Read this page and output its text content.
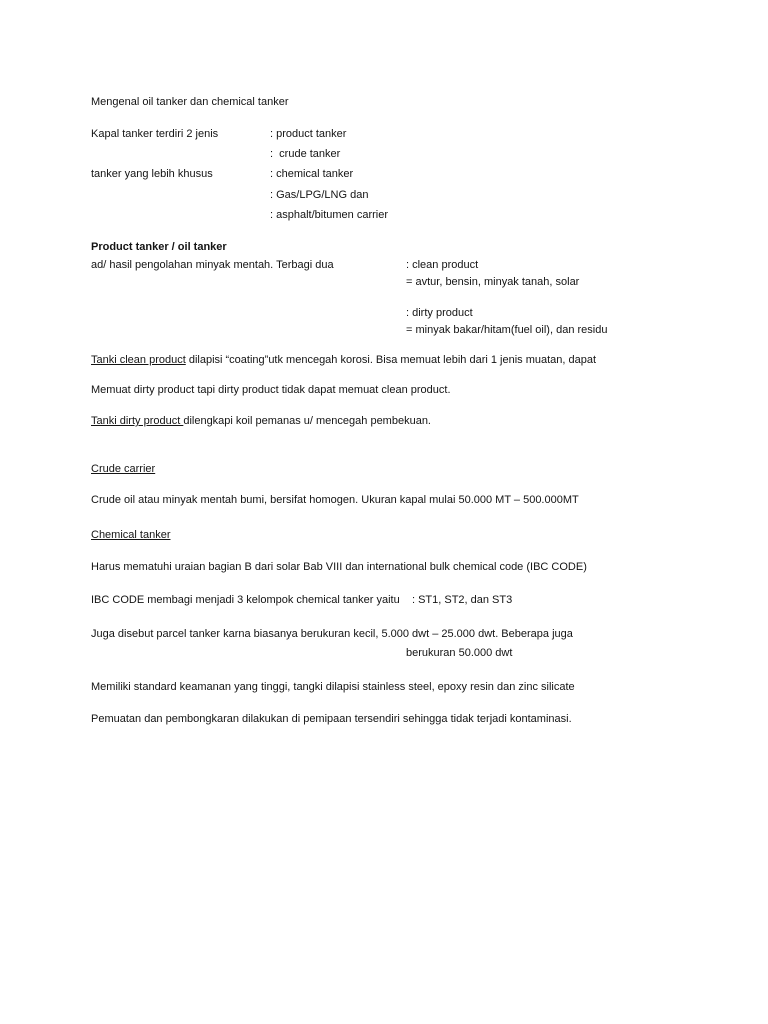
Mengenal oil tanker dan chemical tanker
Kapal tanker terdiri 2 jenis	: product tanker
:  crude tanker
tanker yang lebih khusus	: chemical tanker
: Gas/LPG/LNG dan
: asphalt/bitumen carrier
Product tanker / oil tanker
ad/ hasil pengolahan minyak mentah. Terbagi dua	: clean product
= avtur, bensin, minyak tanah, solar
: dirty product
= minyak bakar/hitam(fuel oil), dan residu
Tanki clean product dilapisi “coating”utk mencegah korosi. Bisa memuat lebih dari 1 jenis muatan, dapat
Memuat dirty product tapi dirty product tidak dapat memuat clean product.
Tanki dirty product dilengkapi koil pemanas u/ mencegah pembekuan.
Crude carrier
Crude oil atau minyak mentah bumi, bersifat homogen. Ukuran kapal mulai 50.000 MT – 500.000MT
Chemical tanker
Harus mematuhi uraian bagian B dari solar Bab VIII dan international bulk chemical code (IBC CODE)
IBC CODE membagi menjadi 3 kelompok chemical tanker yaitu    : ST1, ST2, dan ST3
Juga disebut parcel tanker karna biasanya berukuran kecil, 5.000 dwt – 25.000 dwt. Beberapa juga
berukuran 50.000 dwt
Memiliki standard keamanan yang tinggi, tangki dilapisi stainless steel, epoxy resin dan zinc silicate
Pemuatan dan pembongkaran dilakukan di pemipaan tersendiri sehingga tidak terjadi kontaminasi.
